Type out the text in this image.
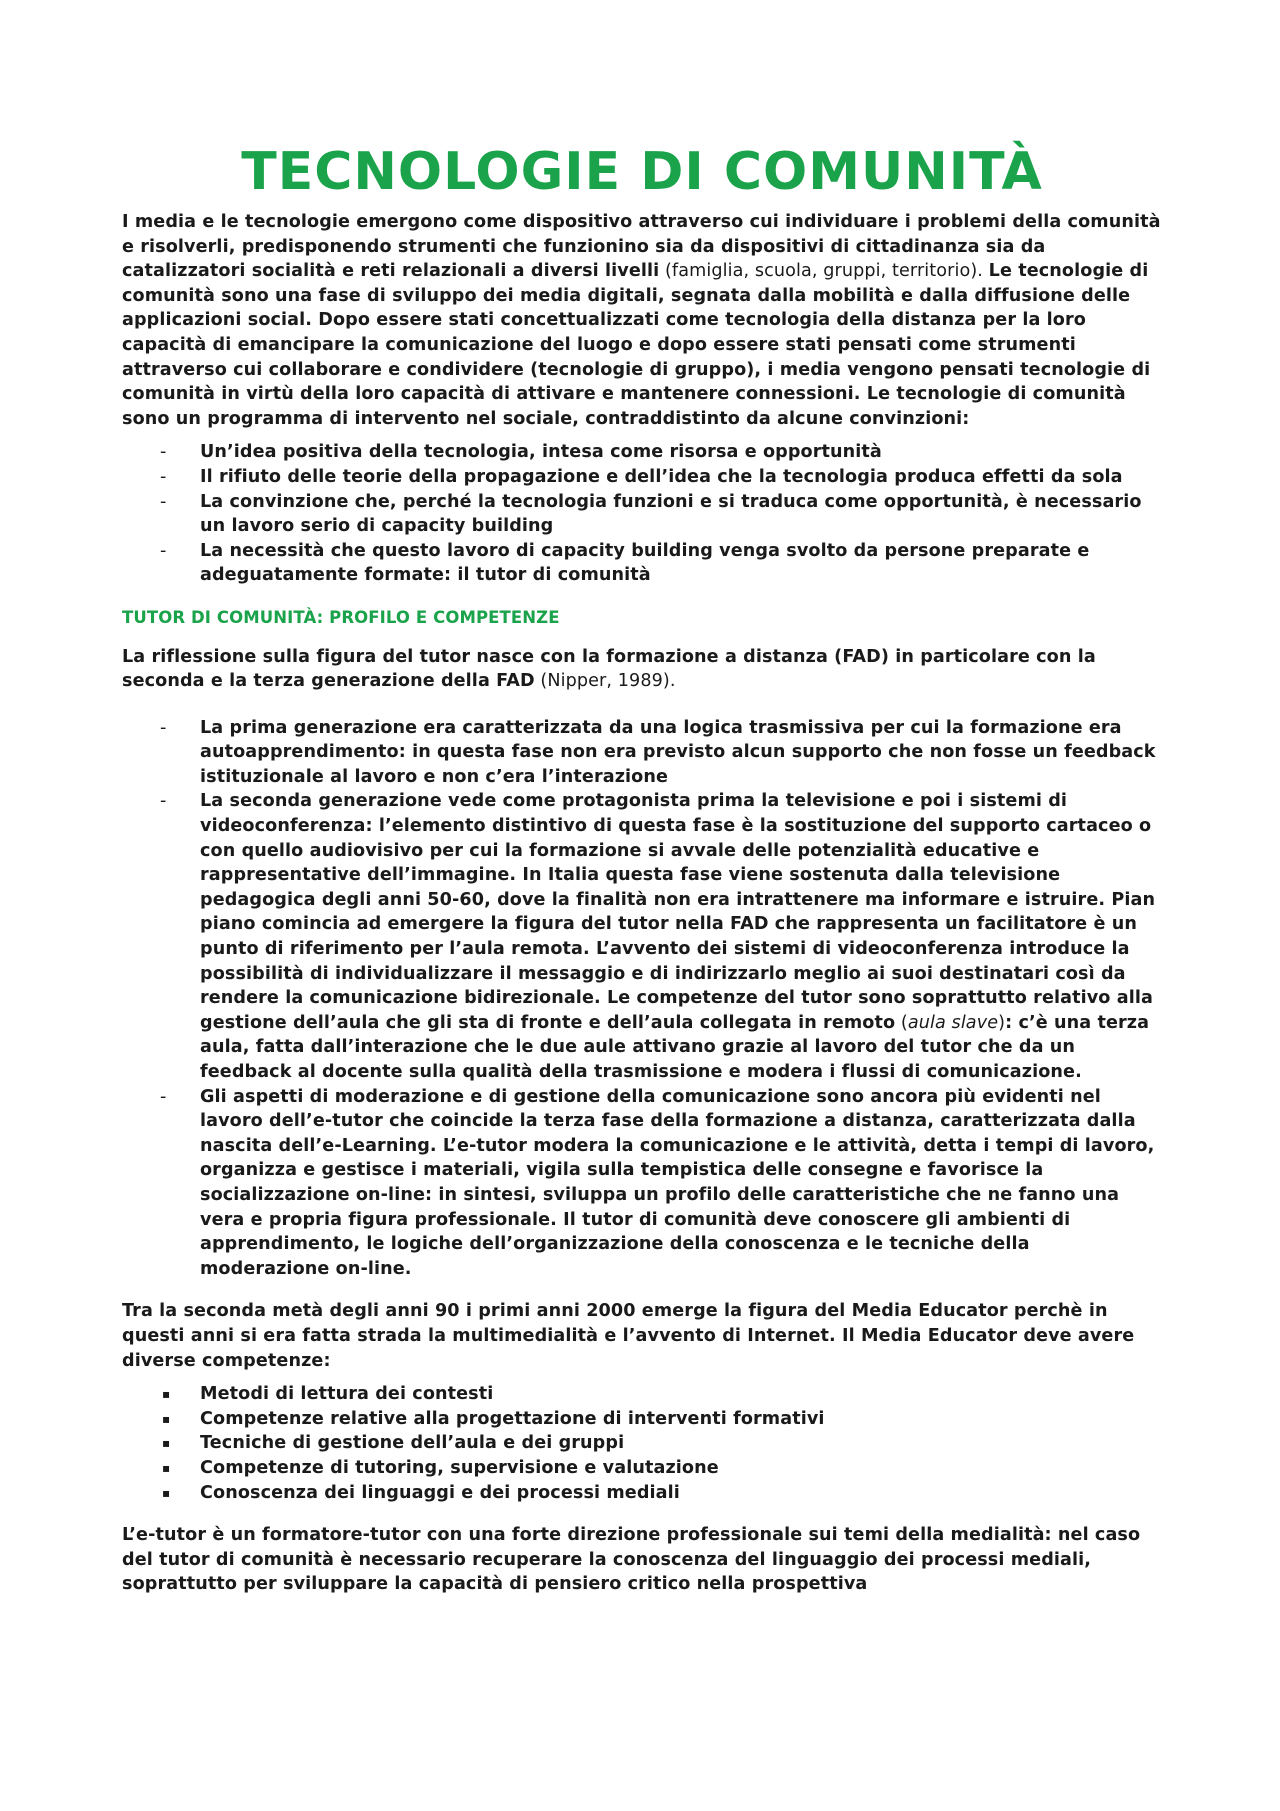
TECNOLOGIE DI COMUNITÀ

I media e le tecnologie emergono come dispositivo attraverso cui individuare i problemi della comunità e risolverli, predisponendo strumenti che funzionino sia da dispositivi di cittadinanza sia da catalizzatori socialità e reti relazionali a diversi livelli (famiglia, scuola, gruppi, territorio). Le tecnologie di comunità sono una fase di sviluppo dei media digitali, segnata dalla mobilità e dalla diffusione delle applicazioni social. Dopo essere stati concettualizzati come tecnologia della distanza per la loro capacità di emancipare la comunicazione del luogo e dopo essere stati pensati come strumenti attraverso cui collaborare e condividere (tecnologie di gruppo), i media vengono pensati tecnologie di comunità in virtù della loro capacità di attivare e mantenere connessioni. Le tecnologie di comunità sono un programma di intervento nel sociale, contraddistinto da alcune convinzioni:

- Un’idea positiva della tecnologia, intesa come risorsa e opportunità
- Il rifiuto delle teorie della propagazione e dell’idea che la tecnologia produca effetti da sola
- La convinzione che, perché la tecnologia funzioni e si traduca come opportunità, è necessario un lavoro serio di capacity building
- La necessità che questo lavoro di capacity building venga svolto da persone preparate e adeguatamente formate: il tutor di comunità
TUTOR DI COMUNITÀ: PROFILO E COMPETENZE

La riflessione sulla figura del tutor nasce con la formazione a distanza (FAD) in particolare con la seconda e la terza generazione della FAD (Nipper, 1989).

- La prima generazione era caratterizzata da una logica trasmissiva per cui la formazione era autoapprendimento: in questa fase non era previsto alcun supporto che non fosse un feedback istituzionale al lavoro e non c’era l’interazione
- La seconda generazione vede come protagonista prima la televisione e poi i sistemi di videoconferenza: l’elemento distintivo di questa fase è la sostituzione del supporto cartaceo o con quello audiovisivo per cui la formazione si avvale delle potenzialità educative e rappresentative dell’immagine. In Italia questa fase viene sostenuta dalla televisione pedagogica degli anni 50-60, dove la finalità non era intrattenere ma informare e istruire. Pian piano comincia ad emergere la figura del tutor nella FAD che rappresenta un facilitatore è un punto di riferimento per l’aula remota. L’avvento dei sistemi di videoconferenza introduce la possibilità di individualizzare il messaggio e di indirizzarlo meglio ai suoi destinatari così da rendere la comunicazione bidirezionale. Le competenze del tutor sono soprattutto relativo alla gestione dell’aula che gli sta di fronte e dell’aula collegata in remoto (aula slave): c’è una terza aula, fatta dall’interazione che le due aule attivano grazie al lavoro del tutor che da un feedback al docente sulla qualità della trasmissione e modera i flussi di comunicazione.
- Gli aspetti di moderazione e di gestione della comunicazione sono ancora più evidenti nel lavoro dell’e-tutor che coincide la terza fase della formazione a distanza, caratterizzata dalla nascita dell’e-Learning. L’e-tutor modera la comunicazione e le attività, detta i tempi di lavoro, organizza e gestisce i materiali, vigila sulla tempistica delle consegne e favorisce la socializzazione on-line: in sintesi, sviluppa un profilo delle caratteristiche che ne fanno una vera e propria figura professionale. Il tutor di comunità deve conoscere gli ambienti di apprendimento, le logiche dell’organizzazione della conoscenza e le tecniche della moderazione on-line.

Tra la seconda metà degli anni 90 i primi anni 2000 emerge la figura del Media Educator perchè in questi anni si era fatta strada la multimedialità e l’avvento di Internet. Il Media Educator deve avere diverse competenze:

▪ Metodi di lettura dei contesti
▪ Competenze relative alla progettazione di interventi formativi
▪ Tecniche di gestione dell’aula e dei gruppi
▪ Competenze di tutoring, supervisione e valutazione
▪ Conoscenza dei linguaggi e dei processi mediali

L’e-tutor è un formatore-tutor con una forte direzione professionale sui temi della medialità: nel caso del tutor di comunità è necessario recuperare la conoscenza del linguaggio dei processi mediali, soprattutto per sviluppare la capacità di pensiero critico nella prospettiva
